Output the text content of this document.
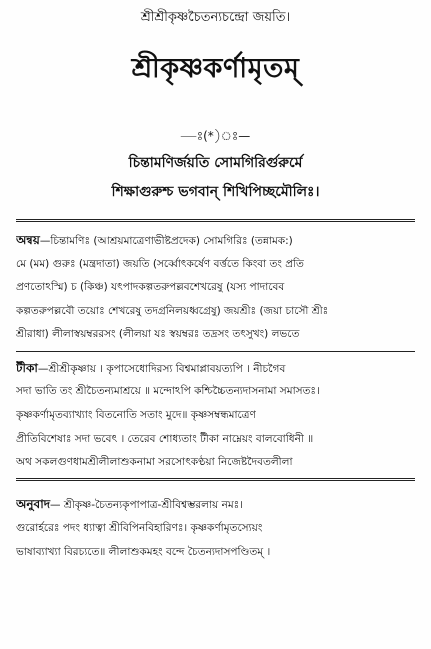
শ্রীশ্রীকৃষ্ণচৈতন্যচন্দ্রো জয়তি।
শ্রীকৃষ্ণকর্ণামৃতম্
—ঃ(*)ঃ—
চিন্তামণির্জয়তি সোমগিরির্গুরুর্মে
শিক্ষাগুরুশ্চ ভগবান্ শিখিপিচ্ছমৌলিঃ।
অন্বয়—চিন্তামণিঃ (আশ্রয়মাত্রেণাভীষ্টপ্রদেক) সোমগিরিঃ (তন্নামক:)
মে (মম) গুরুঃ (মন্ত্রদাতা) জয়তি (সর্ব্বোৎকর্ষেণ বর্ত্ততে কিংবা তং প্রতি
প্রণতোঽস্মি) চ (কিঞ্চ) যৎপাদকল্পতরুপল্লবশেখরেষু (যস্য পাদাবেব
কল্পতরুপল্লবৌ তয়োঃ শেখরেষু তদগ্রনিলয়ধ্বগ্রেষু) জয়শ্রীঃ (জয়া চাসৌ শ্রীঃ
শ্রীরাধা) লীলাস্বয়ম্বররসং (লীলয়া যঃ স্বয়ম্বরঃ তদ্রসং তৎসুখং) লভতে
টীকা—শ্রীশ্রীকৃষ্ণায় । কৃপাসেধোদিরস্য বিশ্বমাপ্লাবয়ত্যপি । নীচগৈব
সদা ভাতি তং শ্রীচৈতন্যমাশ্রয়ে ॥ মন্দোঽপি কশ্চিচ্চৈতন্যদাসনামা সমাসতঃ।
কৃষ্ণকর্ণামৃতব্যাখ্যাং বিতনোতি সতাং মুদে॥ কৃষ্ণসম্বন্ধমাত্রেণ
প্রীতিবিশেষাঃ সদা ভবেৎ । তেরেব শোধ্যতাং টীকা নাম্নেয়ং বালবোধিনী ॥
অথ সকলগুণধামশ্রীলীলাশুকনামা সরসোৎকণ্ঠয়া নিজেষ্টদৈবতলীলা
অনুবাদ— শ্রীকৃষ্ণ-চৈতন্যকৃপাপাত্র-শ্রীবিশ্বম্ভরলায় নমঃ।
গুরোর্হরেঃ পদং ধ্যাত্বা শ্রীবিপিনবিহারিণঃ। কৃষ্ণকর্ণামৃতস্যেয়ং
ভাষাব্যাখ্যা বিরচ্যতে॥ লীলাশুকমহং বন্দে চৈতন্যদাসপণ্ডিতম্ ।
